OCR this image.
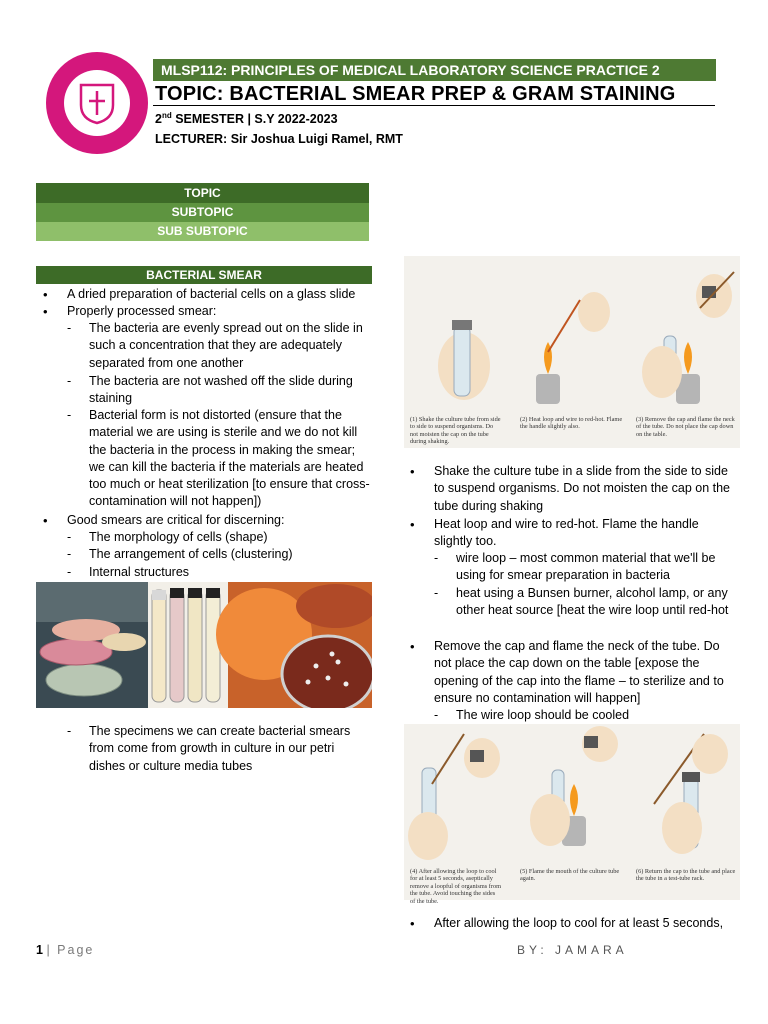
MLSP112: PRINCIPLES OF MEDICAL LABORATORY SCIENCE PRACTICE 2
TOPIC: BACTERIAL SMEAR PREP & GRAM STAINING
2nd SEMESTER | S.Y 2022-2023
LECTURER: Sir Joshua Luigi Ramel, RMT
TOPIC
SUBTOPIC
SUB SUBTOPIC
BACTERIAL SMEAR
• A dried preparation of bacterial cells on a glass slide
• Properly processed smear:
- The bacteria are evenly spread out on the slide in such a concentration that they are adequately separated from one another
- The bacteria are not washed off the slide during staining
- Bacterial form is not distorted (ensure that the material we are using is sterile and we do not kill the bacteria in the process in making the smear; we can kill the bacteria if the materials are heated too much or heat sterilization [to ensure that cross-contamination will not happen])
• Good smears are critical for discerning:
- The morphology of cells (shape)
- The arrangement of cells (clustering)
- Internal structures
- The specimens we can create bacterial smears from come from growth in culture in our petri dishes or culture media tubes
(1) Shake the culture tube from side to side to suspend organisms. Do not moisten the cap on the tube during shaking.
(2) Heat loop and wire to red-hot. Flame the handle slightly also.
(3) Remove the cap and flame the neck of the tube. Do not place the cap down on the table.
• Shake the culture tube in a slide from the side to side to suspend organisms. Do not moisten the cap on the tube during shaking
• Heat loop and wire to red-hot. Flame the handle slightly too.
- wire loop – most common material that we'll be using for smear preparation in bacteria
- heat using a Bunsen burner, alcohol lamp, or any other heat source [heat the wire loop until red-hot
• Remove the cap and flame the neck of the tube. Do not place the cap down on the table [expose the opening of the cap into the flame – to sterilize and to ensure no contamination will happen]
- The wire loop should be cooled
(4) After allowing the loop to cool for at least 5 seconds, aseptically remove a loopful of organisms from the tube. Avoid touching the sides of the tube.
(5) Flame the mouth of the culture tube again.
(6) Return the cap to the tube and place the tube in a test-tube rack.
• After allowing the loop to cool for at least 5 seconds,
1 | Page	BY: JAMARA
